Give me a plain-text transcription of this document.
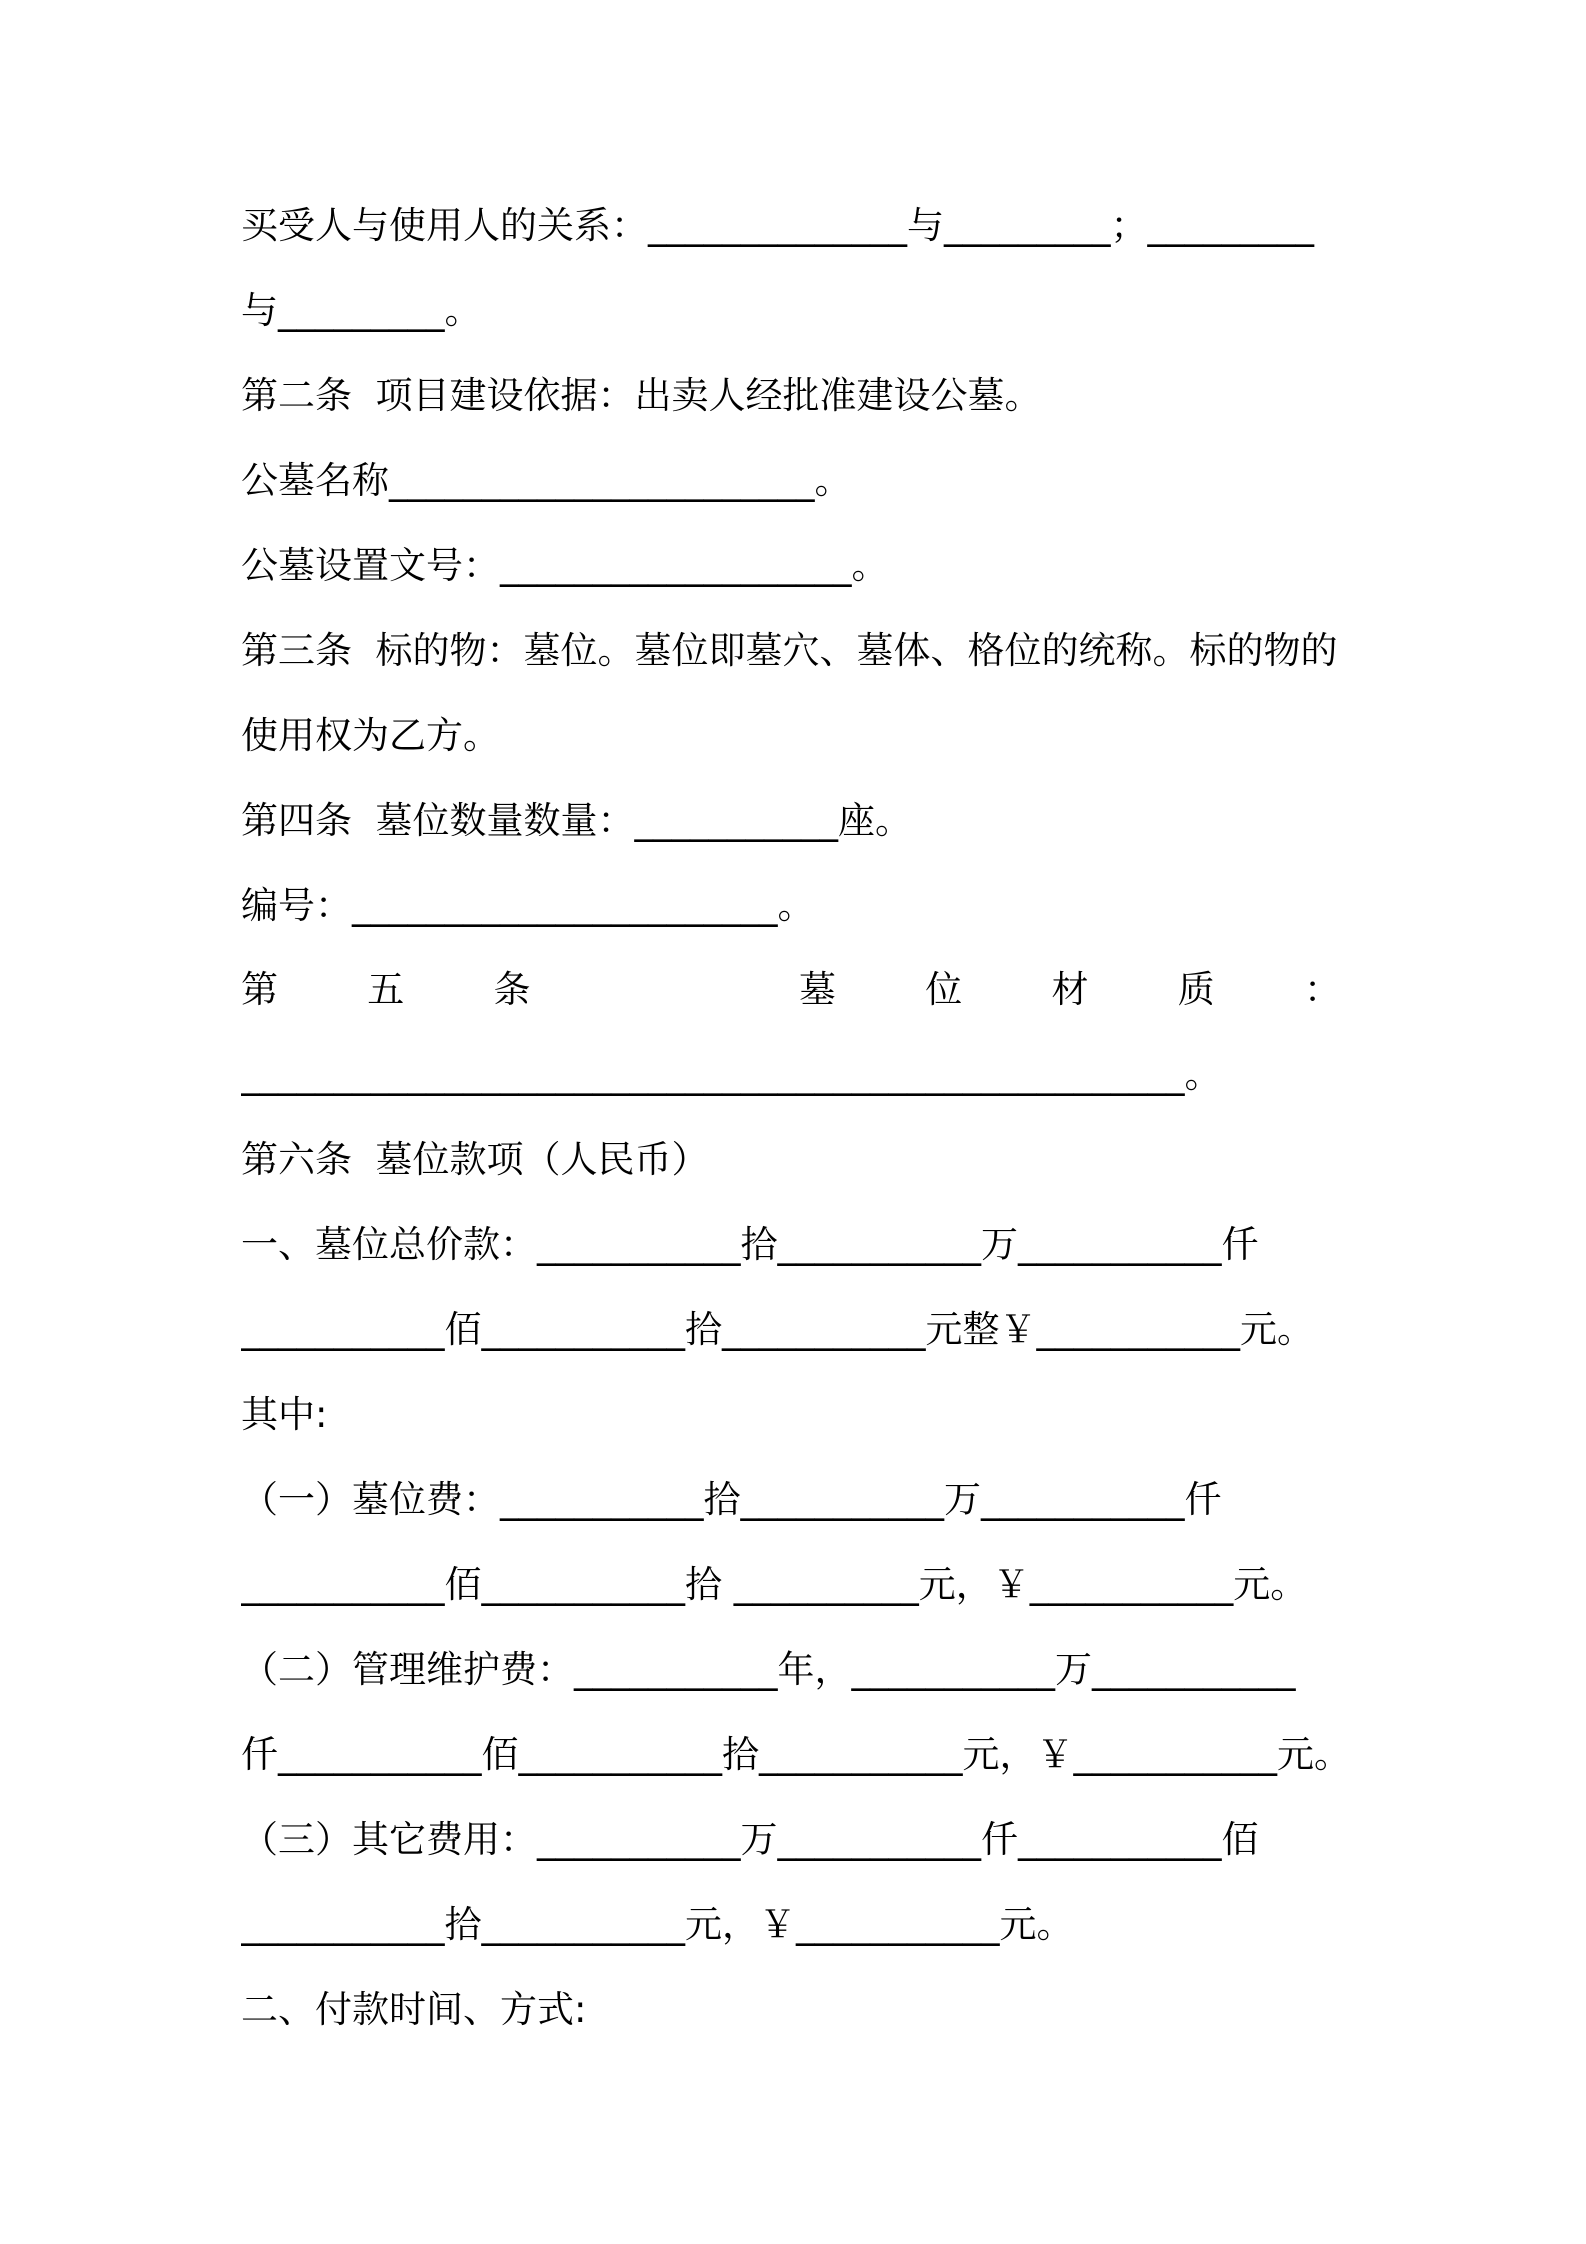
买受人与使用人的关系：______________与_________；_________
与_________。
第二条  项目建设依据：出卖人经批准建设公墓。
公墓名称_______________________。
公墓设置文号：___________________。
第三条  标的物：墓位。墓位即墓穴、墓体、格位的统称。标的物的
使用权为乙方。
第四条  墓位数量数量：___________座。
编号：_______________________。
第 五 条	墓 位 材 质 ：
___________________________________________________。
第六条  墓位款项（人民币）
一、墓位总价款：___________拾___________万___________仟
___________佰___________拾___________元整￥___________元。
其中:
（一）墓位费：___________拾___________万___________仟
___________佰___________拾 __________元，￥___________元。
（二）管理维护费：___________年，___________万___________
仟___________佰___________拾___________元，￥___________元。
（三）其它费用：___________万___________仟___________佰
___________拾___________元，￥___________元。
二、付款时间、方式:
